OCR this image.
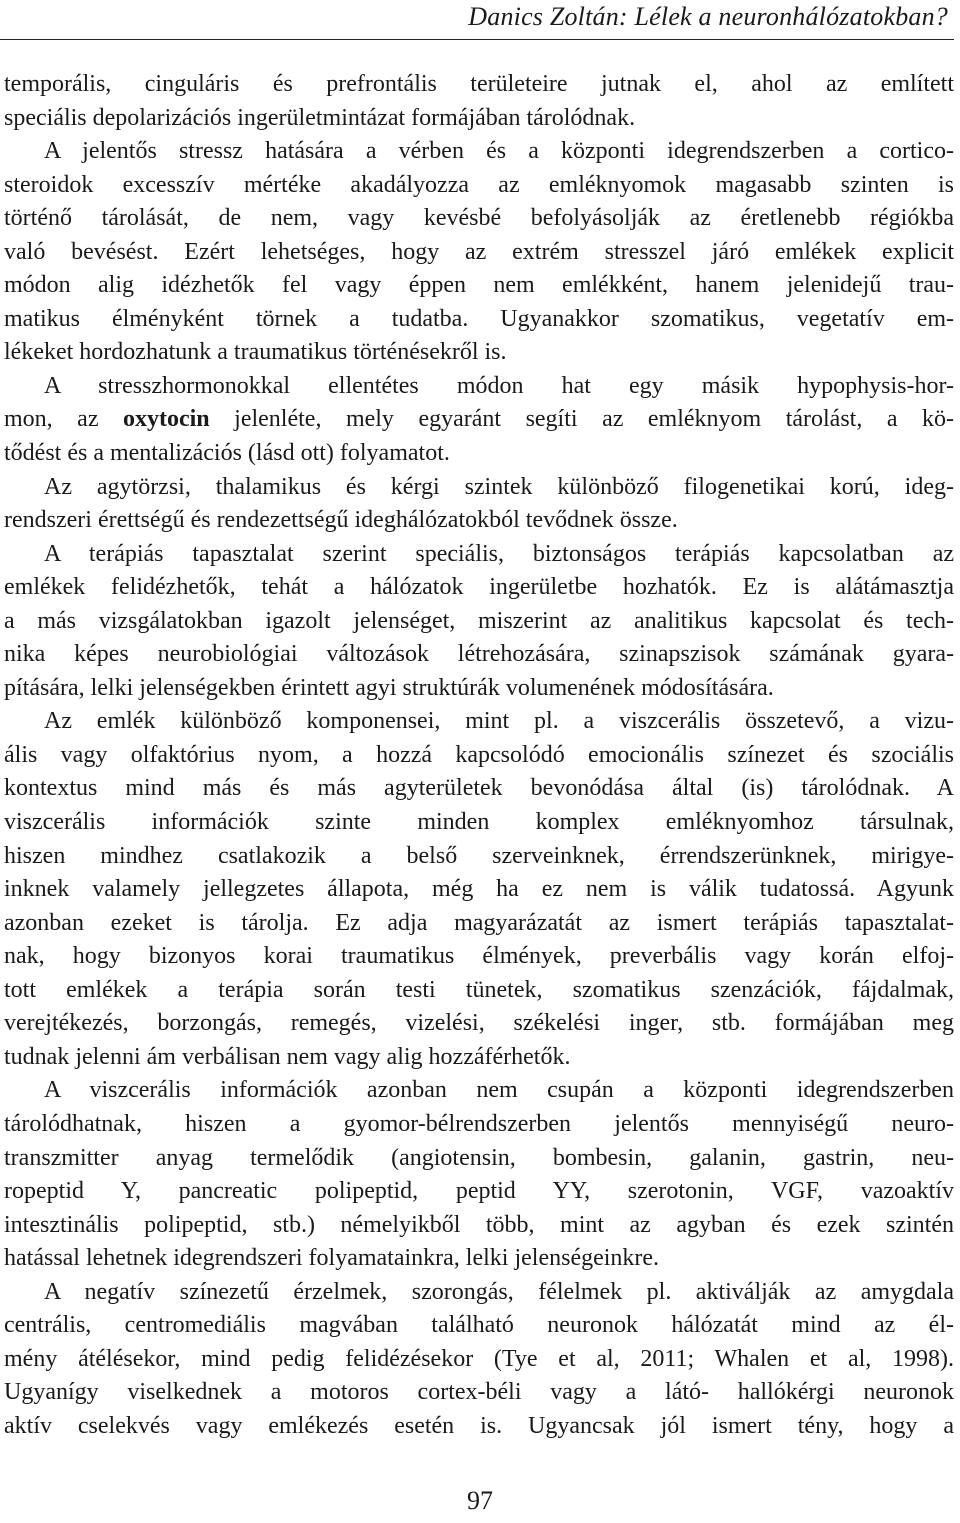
Danics Zoltán: Lélek a neuronhálózatokban?
temporális, cinguláris és prefrontális területeire jutnak el, ahol az említett
speciális depolarizációs ingerületmintázat formájában tárolódnak.
A jelentős stressz hatására a vérben és a központi idegrendszerben a cortico-
steroidok excesszív mértéke akadályozza az emléknyomok magasabb szinten is
történő tárolását, de nem, vagy kevésbé befolyásolják az éretlenebb régiókba
való bevésést. Ezért lehetséges, hogy az extrém stresszel járó emlékek explicit
módon alig idézhetők fel vagy éppen nem emlékként, hanem jelenidejű trau-
matikus élményként törnek a tudatba. Ugyanakkor szomatikus, vegetatív em-
lékeket hordozhatunk a traumatikus történésekről is.
A stresszhormonokkal ellentétes módon hat egy másik hypophysis-hor-
mon, az oxytocin jelenléte, mely egyaránt segíti az emléknyom tárolást, a kö-
tődést és a mentalizációs (lásd ott) folyamatot.
Az agytörzsi, thalamikus és kérgi szintek különböző filogenetikai korú, ideg-
rendszeri érettségű és rendezettségű ideghálózatokból tevődnek össze.
A terápiás tapasztalat szerint speciális, biztonságos terápiás kapcsolatban az
emlékek felidézhetők, tehát a hálózatok ingerületbe hozhatók. Ez is alátámasztja
a más vizsgálatokban igazolt jelenséget, miszerint az analitikus kapcsolat és tech-
nika képes neurobiológiai változások létrehozására, szinapszisok számának gyara-
pítására, lelki jelenségekben érintett agyi struktúrák volumenének módosítására.
Az emlék különböző komponensei, mint pl. a viszcerális összetevő, a vizu-
ális vagy olfaktórius nyom, a hozzá kapcsolódó emocionális színezet és szociális
kontextus mind más és más agyterületek bevonódása által (is) tárolódnak. A
viszcerális információk szinte minden komplex emléknyomhoz társulnak,
hiszen mindhez csatlakozik a belső szerveinknek, érrendszerünknek, mirigye-
inknek valamely jellegzetes állapota, még ha ez nem is válik tudatossá. Agyunk
azonban ezeket is tárolja. Ez adja magyarázatát az ismert terápiás tapasztalat-
nak, hogy bizonyos korai traumatikus élmények, preverbális vagy korán elfoj-
tott emlékek a terápia során testi tünetek, szomatikus szenzációk, fájdalmak,
verejtékezés, borzongás, remegés, vizelési, székelési inger, stb. formájában meg
tudnak jelenni ám verbálisan nem vagy alig hozzáférhetők.
A viszcerális információk azonban nem csupán a központi idegrendszerben
tárolódhatnak, hiszen a gyomor-bélrendszerben jelentős mennyiségű neuro-
transzmitter anyag termelődik (angiotensin, bombesin, galanin, gastrin, neu-
ropeptid Y, pancreatic polipeptid, peptid YY, szerotonin, VGF, vazoaktív
intesztinális polipeptid, stb.) némelyikből több, mint az agyban és ezek szintén
hatással lehetnek idegrendszeri folyamatainkra, lelki jelenségeinkre.
A negatív színezetű érzelmek, szorongás, félelmek pl. aktiválják az amygdala
centrális, centromediális magvában található neuronok hálózatát mind az él-
mény átélésekor, mind pedig felidézésekor (Tye et al, 2011; Whalen et al, 1998).
Ugyanígy viselkednek a motoros cortex-béli vagy a látó- hallókérgi neuronok
aktív cselekvés vagy emlékezés esetén is. Ugyancsak jól ismert tény, hogy a
97
